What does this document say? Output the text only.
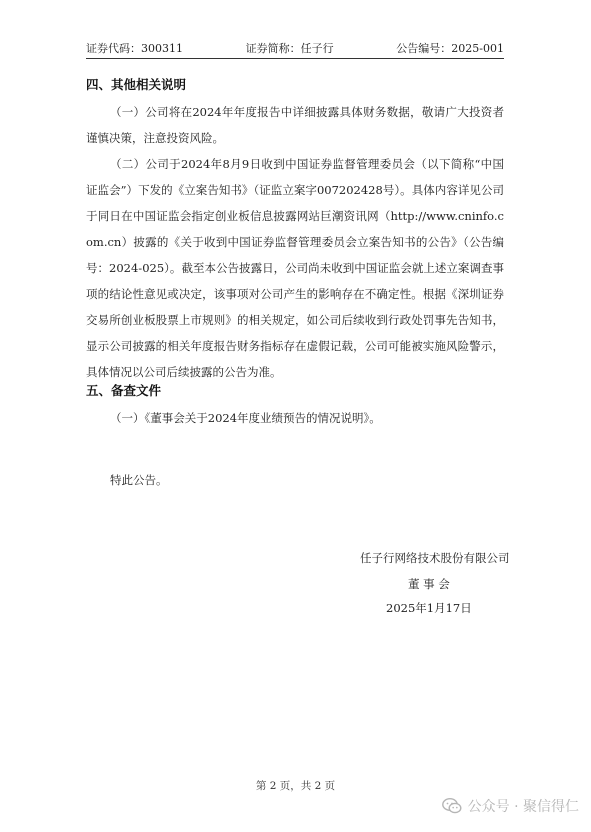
证券代码：300311	证券简称：任子行	公告编号：2025-001
四、其他相关说明
（一）公司将在2024年年度报告中详细披露具体财务数据，敬请广大投资者谨慎决策，注意投资风险。
（二）公司于2024年8月9日收到中国证券监督管理委员会（以下简称“中国证监会”）下发的《立案告知书》（证监立案字007202428号）。具体内容详见公司于同日在中国证监会指定创业板信息披露网站巨潮资讯网（http://www.cninfo.com.cn）披露的《关于收到中国证券监督管理委员会立案告知书的公告》（公告编号：2024-025）。截至本公告披露日，公司尚未收到中国证监会就上述立案调查事项的结论性意见或决定，该事项对公司产生的影响存在不确定性。根据《深圳证券交易所创业板股票上市规则》的相关规定，如公司后续收到行政处罚事先告知书，显示公司披露的相关年度报告财务指标存在虚假记载，公司可能被实施风险警示，具体情况以公司后续披露的公告为准。
五、备查文件
（一）《董事会关于2024年度业绩预告的情况说明》。
特此公告。
任子行网络技术股份有限公司
董 事 会
2025年1月17日
第 2 页，共 2 页
公众号 · 聚信得仁
